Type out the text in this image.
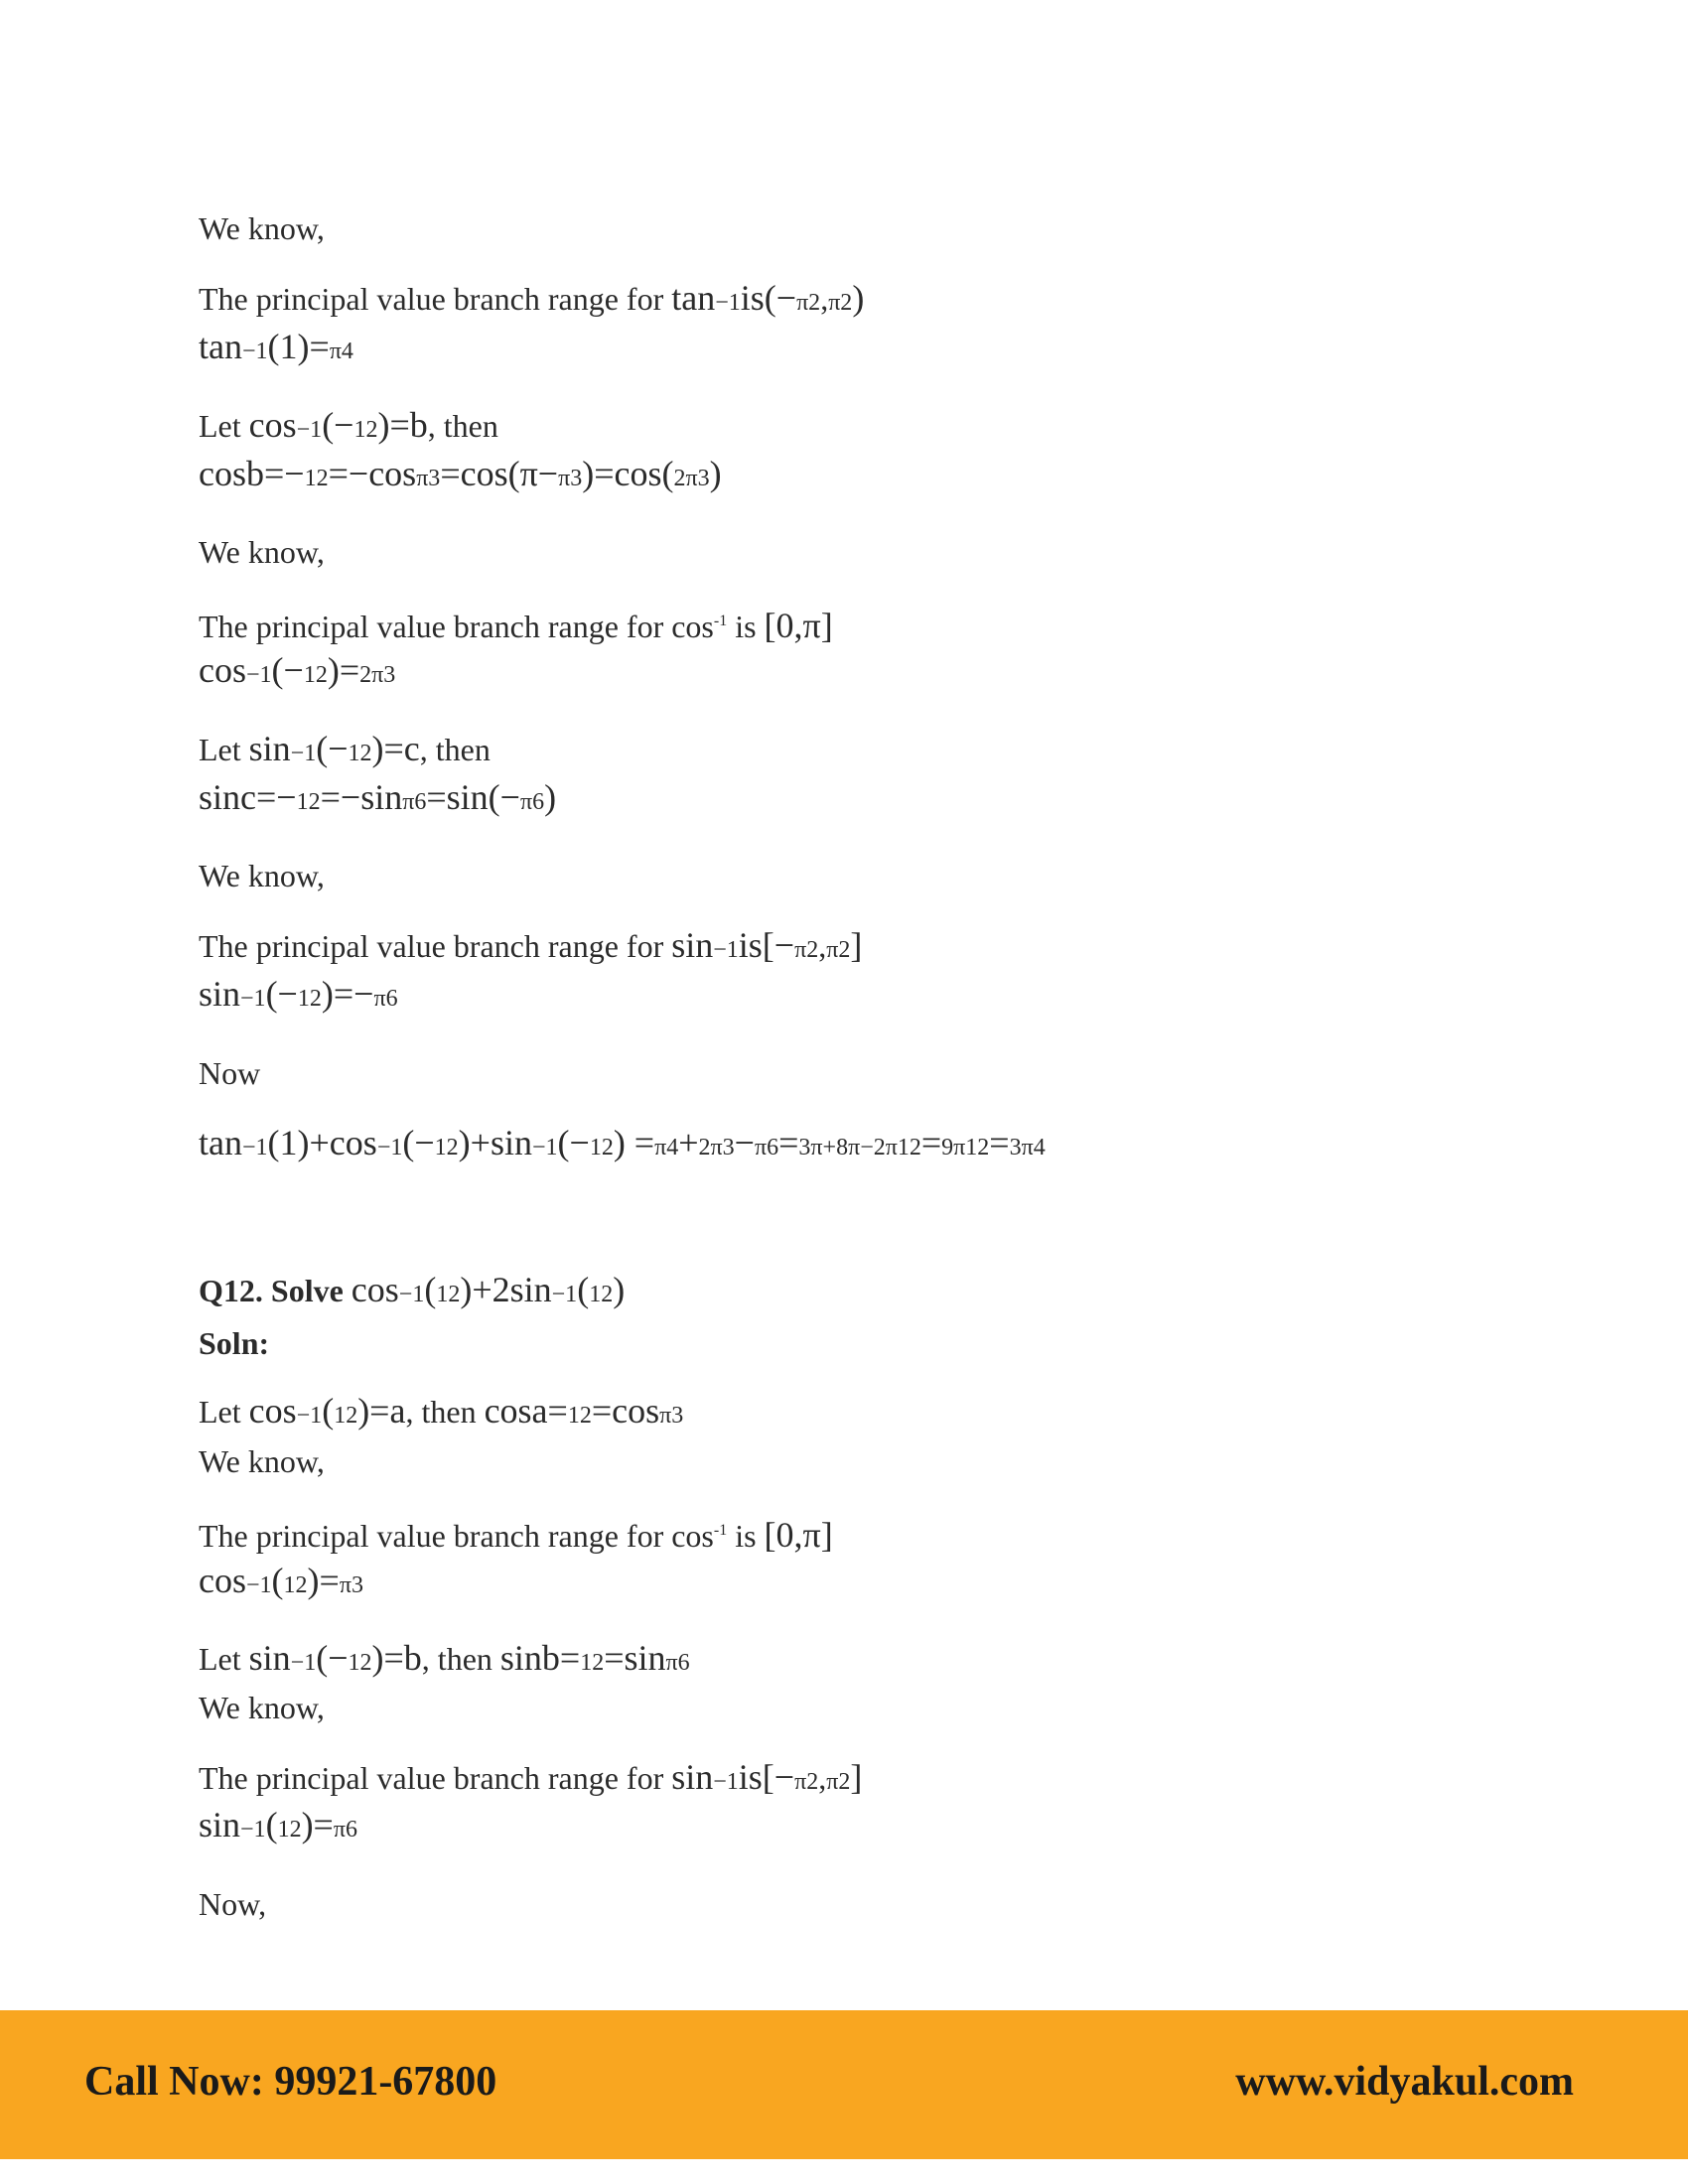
We know,
The principal value branch range for tan−1is(−π2,π2)
tan−1(1)=π4
Let cos−1(−12)=b, then
cosb=−12=−cosπ3=cos(π−π3)=cos(2π3)
We know,
The principal value branch range for $\cos^{-1}$ is [0,π]
cos−1(−12)=2π3
Let sin−1(−12)=c, then
sinc=−12=−sinπ6=sin(−π6)
We know,
The principal value branch range for sin−1is[−π2,π2]
sin−1(−12)=−π6
Now
tan−1(1)+cos−1(−12)+sin−1(−12) =π4+2π3−π6=3π+8π−2π12=9π12=3π4
Q12. Solve cos−1(12)+2sin−1(12)
Soln:
Let cos−1(12)=a, then cosa=12=cosπ3
We know,
The principal value branch range for $\cos^{-1}$ is [0,π]
cos−1(12)=π3
Let sin−1(−12)=b, then sinb=12=sinπ6
We know,
The principal value branch range for sin−1is[−π2,π2]
sin−1(12)=π6
Now,
Call Now: 99921-67800	www.vidyakul.com
